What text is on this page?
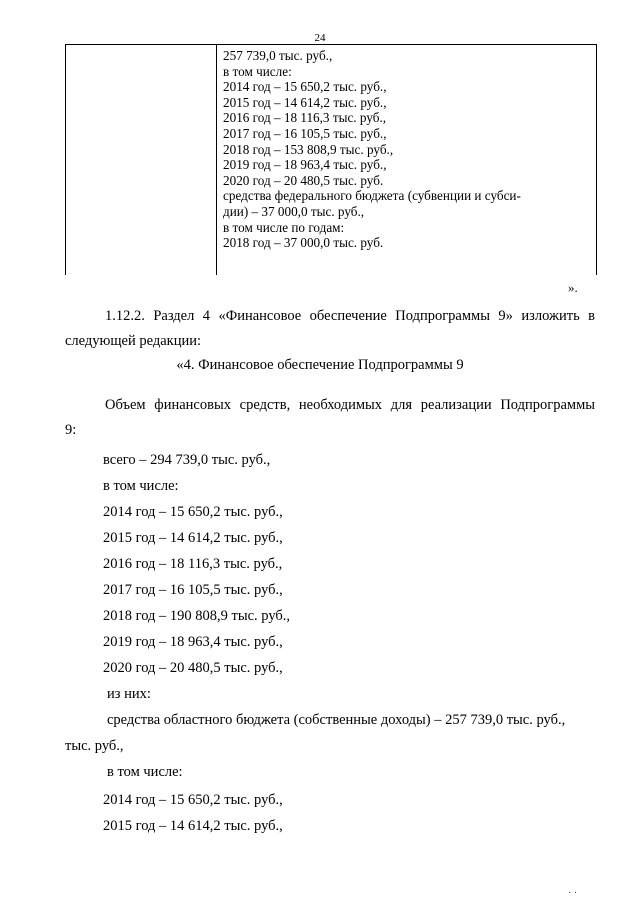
24
257 739,0 тыс. руб.,
в том числе:
2014 год – 15 650,2 тыс. руб.,
2015 год – 14 614,2 тыс. руб.,
2016 год – 18 116,3 тыс. руб.,
2017 год – 16 105,5 тыс. руб.,
2018 год – 153 808,9 тыс. руб.,
2019 год – 18 963,4 тыс. руб.,
2020 год – 20 480,5 тыс. руб.
средства федерального бюджета (субвенции и субси-
дии) – 37 000,0 тыс. руб.,
в том числе по годам:
2018 год – 37 000,0 тыс. руб.
».
1.12.2. Раздел 4 «Финансовое обеспечение Подпрограммы 9» изложить в
следующей редакции:
«4. Финансовое обеспечение Подпрограммы 9
Объем финансовых средств, необходимых для реализации Подпрограммы
9:
всего – 294 739,0 тыс. руб.,
в том числе:
2014 год – 15 650,2 тыс. руб.,
2015 год – 14 614,2 тыс. руб.,
2016 год – 18 116,3 тыс. руб.,
2017 год – 16 105,5 тыс. руб.,
2018 год – 190 808,9 тыс. руб.,
2019 год – 18 963,4 тыс. руб.,
2020 год – 20 480,5 тыс. руб.,
из них:
средства областного бюджета (собственные доходы) – 257 739,0 тыс. руб.,
тыс. руб.,
в том числе:
2014 год – 15 650,2 тыс. руб.,
2015 год – 14 614,2 тыс. руб.,
· ·
